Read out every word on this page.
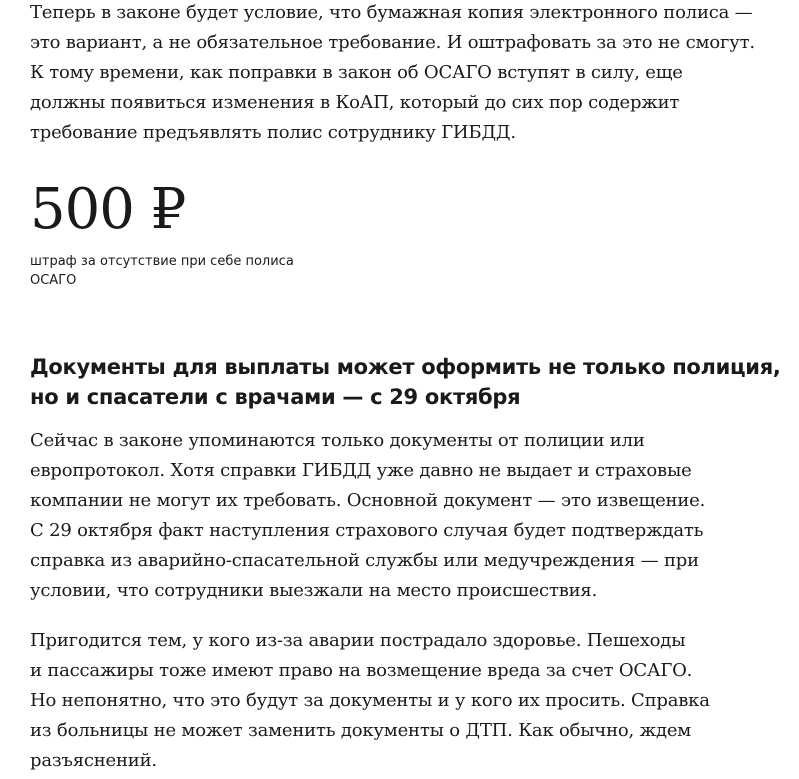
Теперь в законе будет условие, что бумажная копия электронного полиса —
это вариант, а не обязательное требование. И оштрафовать за это не смогут.
К тому времени, как поправки в закон об ОСАГО вступят в силу, еще
должны появиться изменения в КоАП, который до сих пор содержит
требование предъявлять полис сотруднику ГИБДД.

500 ₽
штраф за отсутствие при себе полиса ОСАГО
Документы для выплаты может оформить не только полиция,
но и спасатели с врачами — с 29 октября

Сейчас в законе упоминаются только документы от полиции или
европротокол. Хотя справки ГИБДД уже давно не выдает и страховые
компании не могут их требовать. Основной документ — это извещение.
С 29 октября факт наступления страхового случая будет подтверждать
справка из аварийно-спасательной службы или медучреждения — при
условии, что сотрудники выезжали на место происшествия.

Пригодится тем, у кого из-за аварии пострадало здоровье. Пешеходы
и пассажиры тоже имеют право на возмещение вреда за счет ОСАГО.
Но непонятно, что это будут за документы и у кого их просить. Справка
из больницы не может заменить документы о ДТП. Как обычно, ждем
разъяснений.
